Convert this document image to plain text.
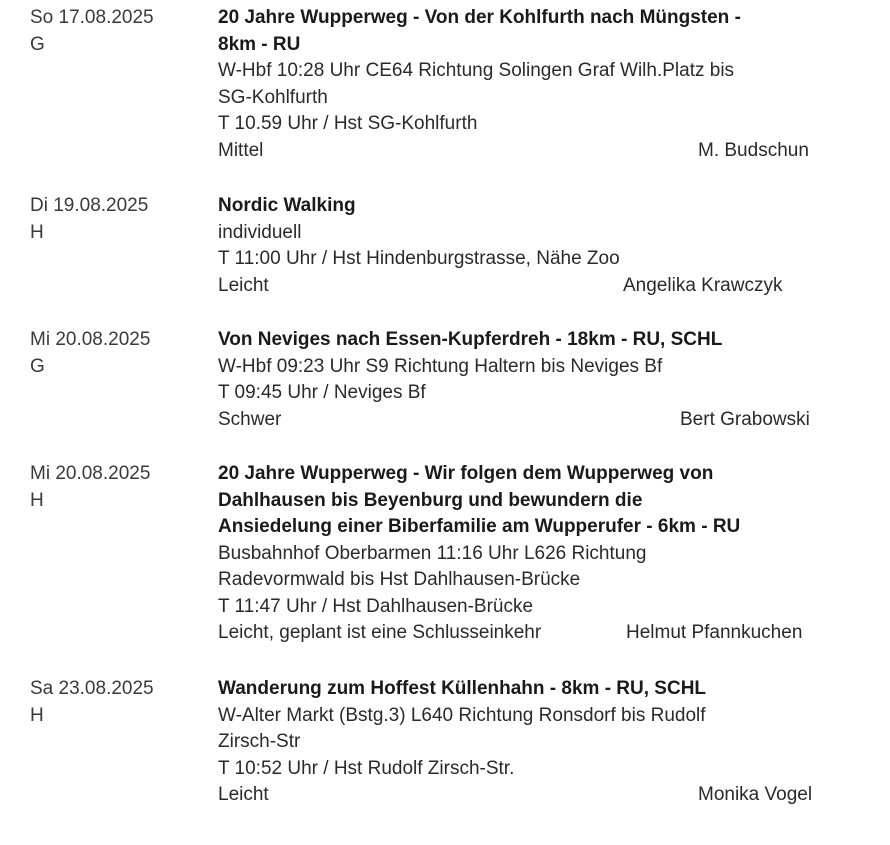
So 17.08.2025
G
20 Jahre Wupperweg - Von der Kohlfurth nach Müngsten -
8km - RU
W-Hbf 10:28 Uhr CE64 Richtung Solingen Graf Wilh.Platz bis
SG-Kohlfurth
T 10.59 Uhr / Hst SG-Kohlfurth
Mittel	M. Budschun
Di 19.08.2025
H
Nordic Walking
individuell
T 11:00 Uhr / Hst Hindenburgstrasse, Nähe Zoo
Leicht	Angelika Krawczyk
Mi 20.08.2025
G
Von Neviges nach Essen-Kupferdreh - 18km - RU, SCHL
W-Hbf 09:23 Uhr S9 Richtung Haltern bis Neviges Bf
T 09:45 Uhr / Neviges Bf
Schwer	Bert Grabowski
Mi 20.08.2025
H
20 Jahre Wupperweg - Wir folgen dem Wupperweg von
Dahlhausen bis Beyenburg und bewundern die
Ansiedelung einer Biberfamilie am Wupperufer - 6km - RU
Busbahnhof Oberbarmen 11:16 Uhr L626 Richtung
Radevormwald bis Hst Dahlhausen-Brücke
T 11:47 Uhr / Hst Dahlhausen-Brücke
Leicht, geplant ist eine Schlusseinkehr	Helmut Pfannkuchen
Sa 23.08.2025
H
Wanderung zum Hoffest Küllenhahn - 8km - RU, SCHL
W-Alter Markt (Bstg.3) L640 Richtung Ronsdorf bis Rudolf
Zirsch-Str
T 10:52 Uhr / Hst Rudolf Zirsch-Str.
Leicht	Monika Vogel
